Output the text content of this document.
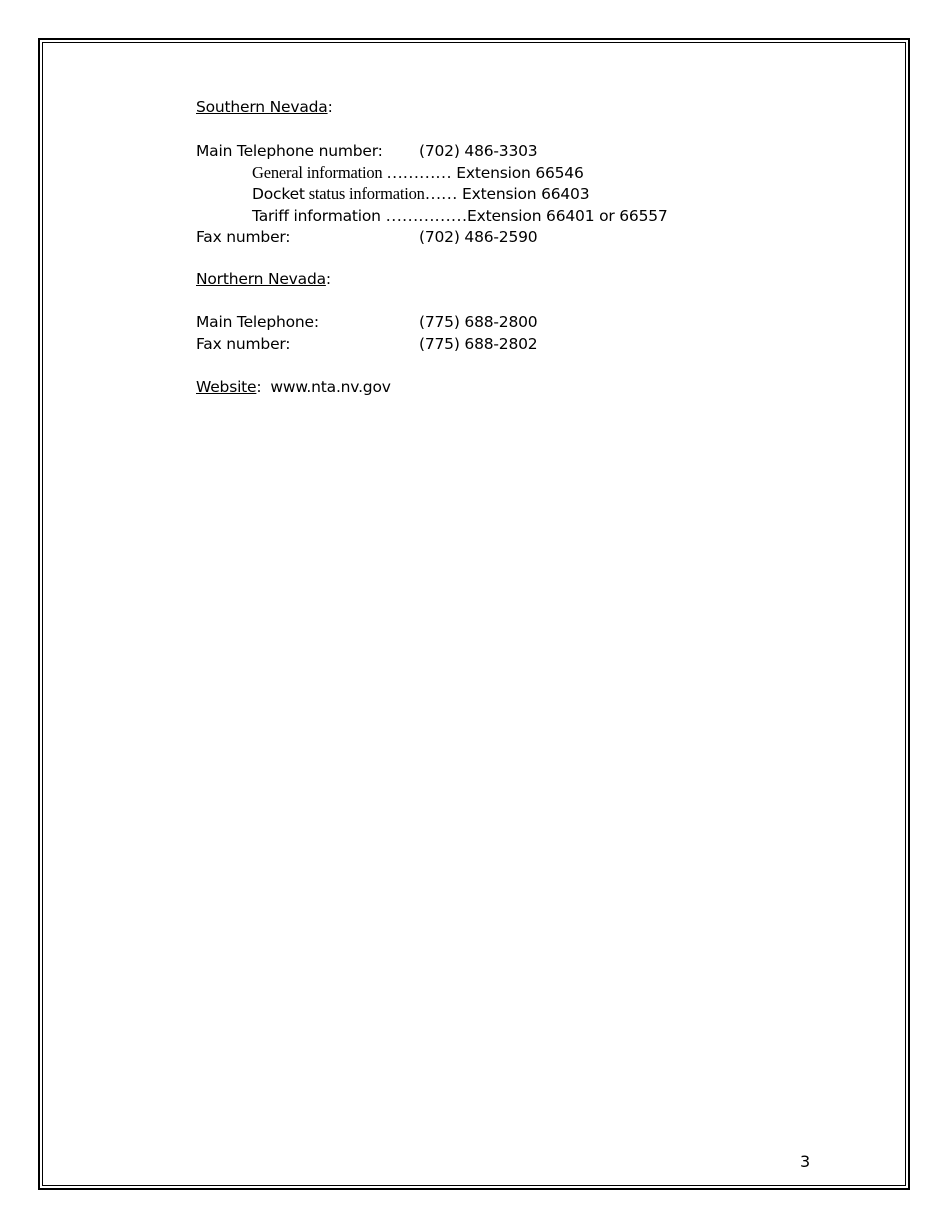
Southern Nevada:
Main Telephone number: (702) 486-3303
General information ………… Extension 66546
Docket status information…… Extension 66403
Tariff information ……………Extension 66401 or 66557
Fax number:	(702) 486-2590
Northern Nevada:
Main Telephone:	(775) 688-2800
Fax number:	(775) 688-2802
Website: www.nta.nv.gov
3
